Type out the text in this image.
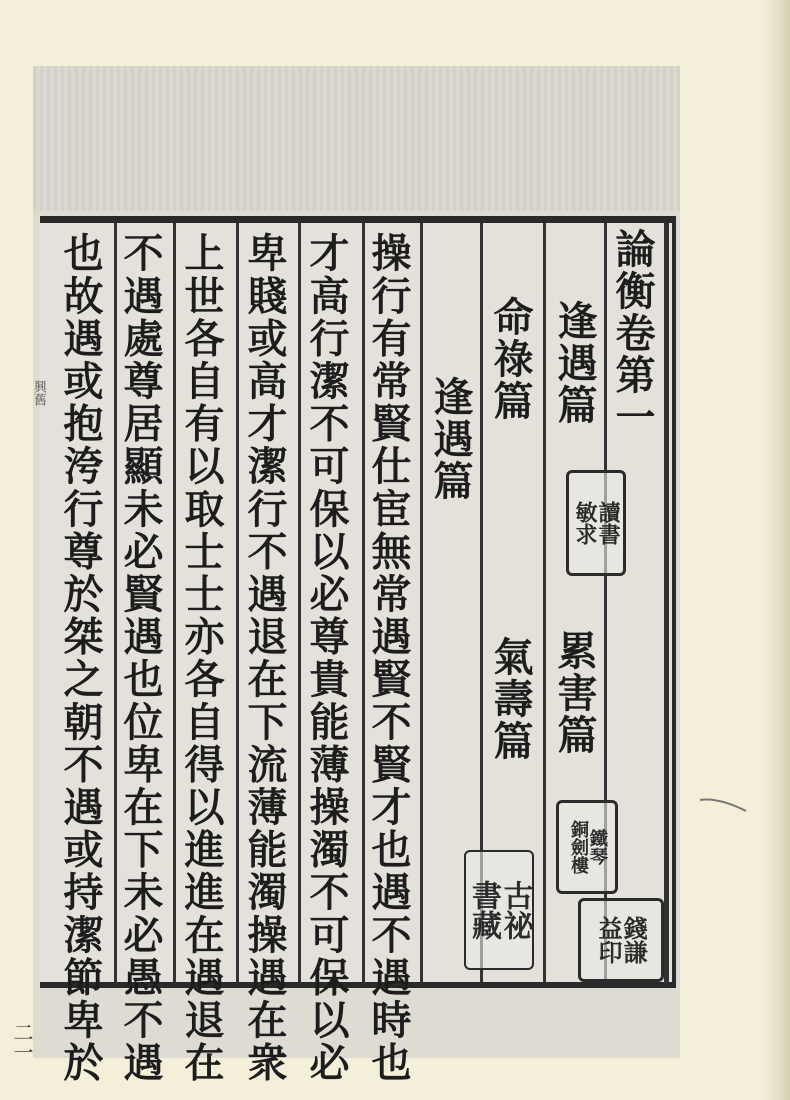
論衡卷第一
逢遇篇
累害篇
命祿篇
氣壽篇
逢遇篇
操行有常賢仕宦無常遇賢不賢才也遇不遇時也
才高行潔不可保以必尊貴能薄操濁不可保以必
卑賤或高才潔行不遇退在下流薄能濁操遇在衆
上世各自有以取士士亦各自得以進進在遇退在
不遇處尊居顯未必賢遇也位卑在下未必愚不遇
也故遇或抱洿行尊於桀之朝不遇或持潔節卑於	讀書
敏求
鐵琴
銅劍樓
錢謙
益印
古祕
書藏
興舊
二一
